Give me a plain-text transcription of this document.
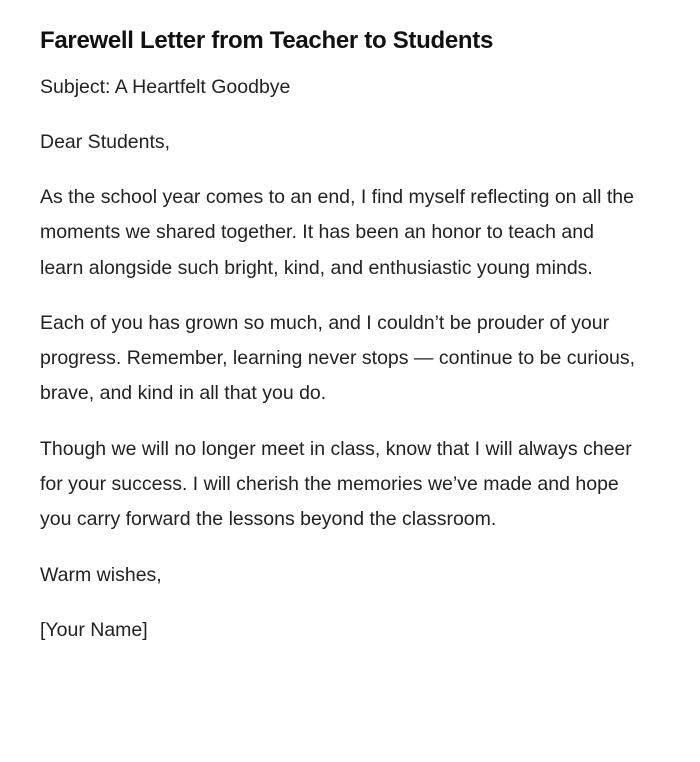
Farewell Letter from Teacher to Students

Subject: A Heartfelt Goodbye

Dear Students,

As the school year comes to an end, I find myself reflecting on all the moments we shared together. It has been an honor to teach and learn alongside such bright, kind, and enthusiastic young minds.

Each of you has grown so much, and I couldn’t be prouder of your progress. Remember, learning never stops — continue to be curious, brave, and kind in all that you do.

Though we will no longer meet in class, know that I will always cheer for your success. I will cherish the memories we’ve made and hope you carry forward the lessons beyond the classroom.

Warm wishes,

[Your Name]
